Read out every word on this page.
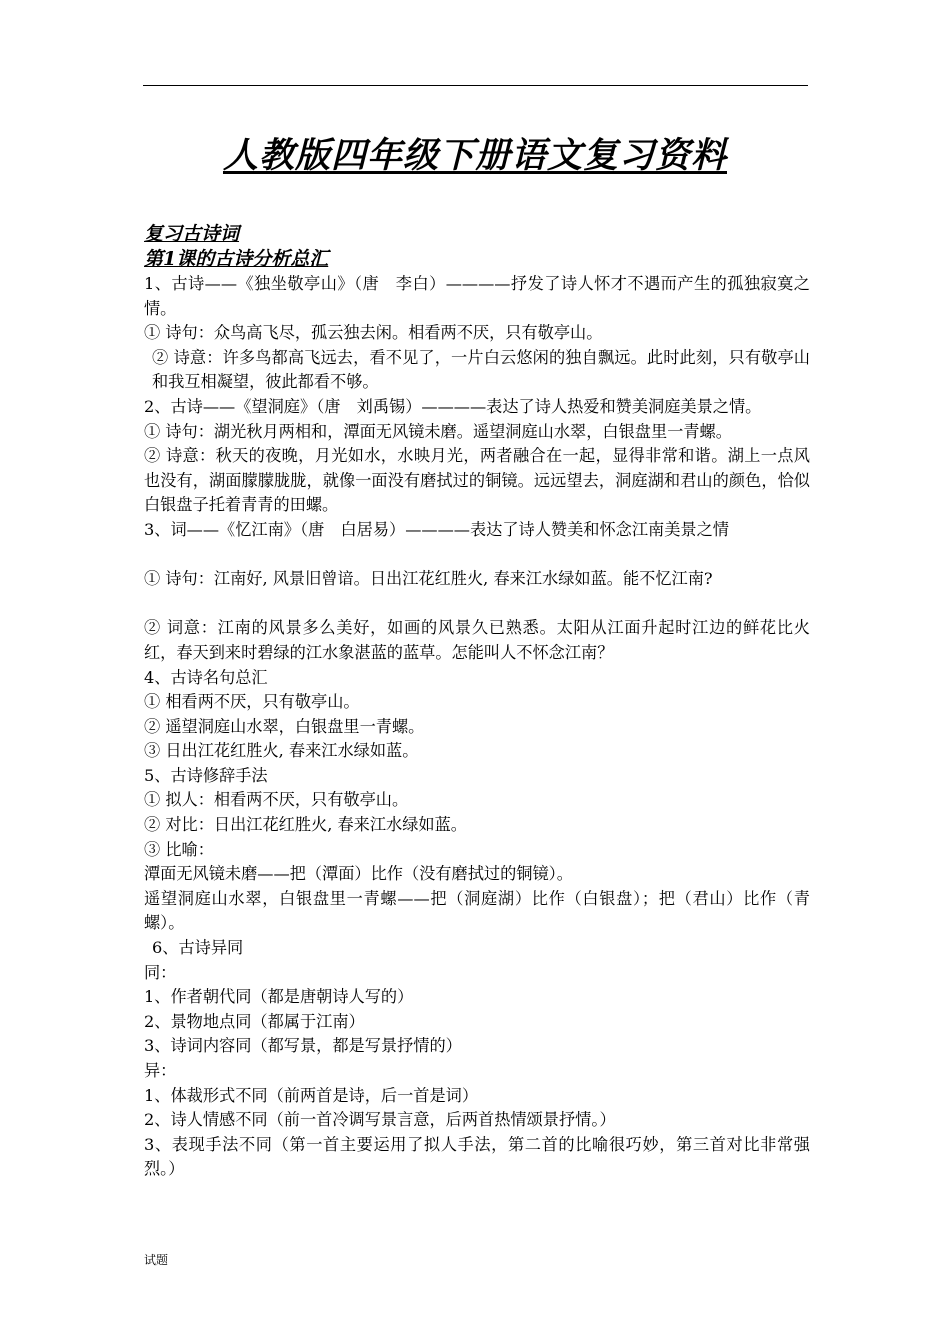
人教版四年级下册语文复习资料
复习古诗词
第1课的古诗分析总汇
1、古诗——《独坐敬亭山》（唐　李白）————抒发了诗人怀才不遇而产生的孤独寂寞之情。
① 诗句：众鸟高飞尽，孤云独去闲。相看两不厌，只有敬亭山。
② 诗意：许多鸟都高飞远去，看不见了，一片白云悠闲的独自飘远。此时此刻，只有敬亭山和我互相凝望，彼此都看不够。
2、古诗——《望洞庭》（唐　刘禹锡）————表达了诗人热爱和赞美洞庭美景之情。
① 诗句：湖光秋月两相和，潭面无风镜未磨。遥望洞庭山水翠，白银盘里一青螺。
② 诗意：秋天的夜晚，月光如水，水映月光，两者融合在一起，显得非常和谐。湖上一点风也没有，湖面朦朦胧胧，就像一面没有磨拭过的铜镜。远远望去，洞庭湖和君山的颜色，恰似白银盘子托着青青的田螺。
3、词——《忆江南》（唐　白居易）————表达了诗人赞美和怀念江南美景之情
① 诗句：江南好, 风景旧曾谙。日出江花红胜火, 春来江水绿如蓝。能不忆江南?
② 词意：江南的风景多么美好，如画的风景久已熟悉。太阳从江面升起时江边的鲜花比火红，春天到来时碧绿的江水象湛蓝的蓝草。怎能叫人不怀念江南？
4、古诗名句总汇
① 相看两不厌，只有敬亭山。
② 遥望洞庭山水翠，白银盘里一青螺。
③ 日出江花红胜火, 春来江水绿如蓝。
5、古诗修辞手法
① 拟人：相看两不厌，只有敬亭山。
② 对比：日出江花红胜火, 春来江水绿如蓝。
③ 比喻：
潭面无风镜未磨——把（潭面）比作（没有磨拭过的铜镜）。
遥望洞庭山水翠，白银盘里一青螺——把（洞庭湖）比作（白银盘）；把（君山）比作（青螺）。
6、古诗异同
同：
1、作者朝代同（都是唐朝诗人写的）
2、景物地点同（都属于江南）
3、诗词内容同（都写景，都是写景抒情的）
异：
1、体裁形式不同（前两首是诗，后一首是词）
2、诗人情感不同（前一首冷调写景言意，后两首热情颂景抒情。）
3、表现手法不同（第一首主要运用了拟人手法，第二首的比喻很巧妙，第三首对比非常强烈。）
试题
